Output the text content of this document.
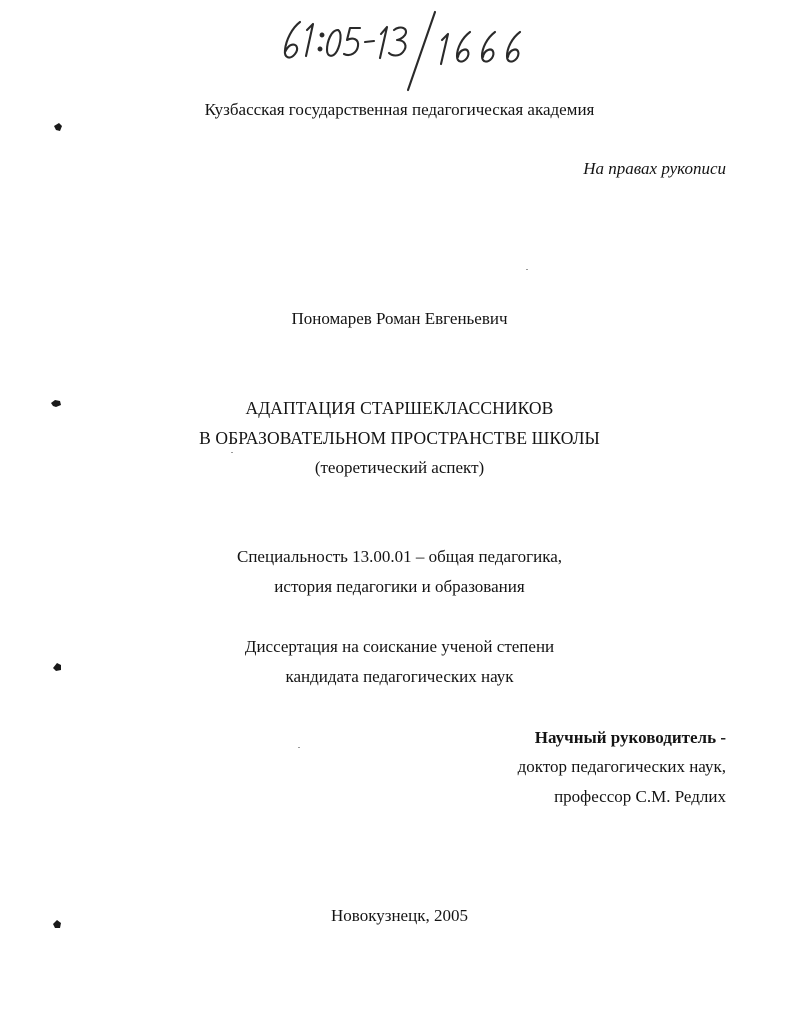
Кузбасская государственная педагогическая академия
На правах рукописи
Пономарев Роман Евгеньевич
АДАПТАЦИЯ СТАРШЕКЛАССНИКОВ
В ОБРАЗОВАТЕЛЬНОМ ПРОСТРАНСТВЕ ШКОЛЫ
(теоретический аспект)
Специальность 13.00.01 – общая педагогика,
история педагогики и образования
Диссертация на соискание ученой степени
кандидата педагогических наук
Научный руководитель -
доктор педагогических наук,
профессор С.М. Редлих
Новокузнецк, 2005
